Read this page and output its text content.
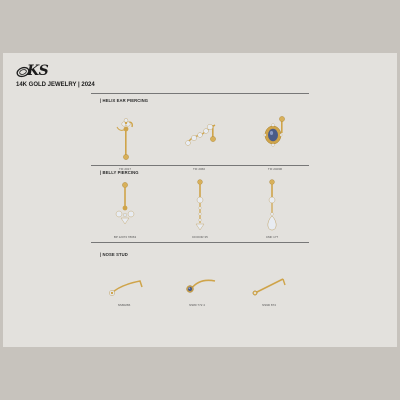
KS
14K GOLD JEWELRY | 2024
| HELIX EAR PIERCING
TIF 2017	TIF 2060	TIF 2403R
| BELLY PIERCING
BP 12073 78063	DOOOR 35	CMF 177
| NOSE STUD
NS80286	NS80 772 4	NS9D 874
